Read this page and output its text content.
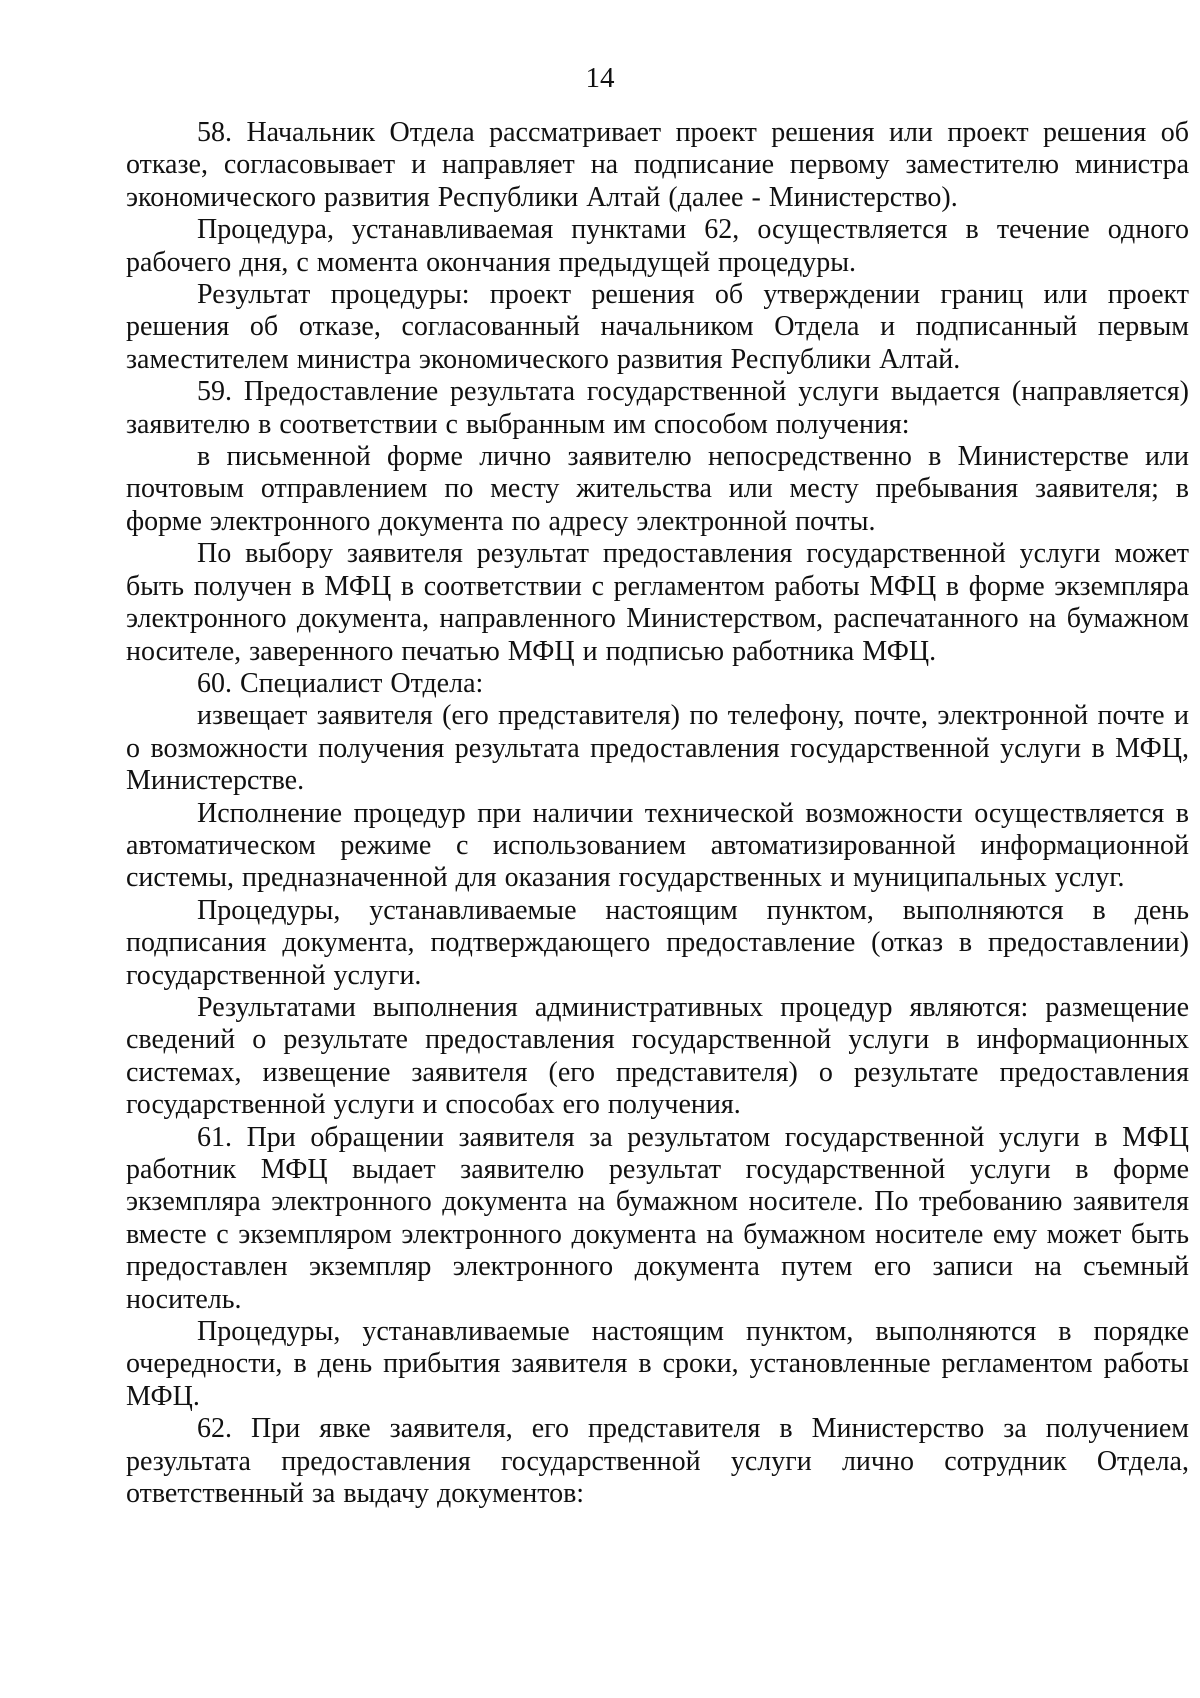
14

58. Начальник Отдела рассматривает проект решения или проект решения об отказе, согласовывает и направляет на подписание первому заместителю министра экономического развития Республики Алтай (далее - Министерство).

Процедура, устанавливаемая пунктами 62, осуществляется в течение одного рабочего дня, с момента окончания предыдущей процедуры.

Результат процедуры: проект решения об утверждении границ или проект решения об отказе, согласованный начальником Отдела и подписанный первым заместителем министра экономического развития Республики Алтай.

59. Предоставление результата государственной услуги выдается (направляется) заявителю в соответствии с выбранным им способом получения:

в письменной форме лично заявителю непосредственно в Министерстве или почтовым отправлением по месту жительства или месту пребывания заявителя; в форме электронного документа по адресу электронной почты.

По выбору заявителя результат предоставления государственной услуги может быть получен в МФЦ в соответствии с регламентом работы МФЦ в форме экземпляра электронного документа, направленного Министерством, распечатанного на бумажном носителе, заверенного печатью МФЦ и подписью работника МФЦ.

60. Специалист Отдела:

извещает заявителя (его представителя) по телефону, почте, электронной почте и о возможности получения результата предоставления государственной услуги в МФЦ, Министерстве.

Исполнение процедур при наличии технической возможности осуществляется в автоматическом режиме с использованием автоматизированной информационной системы, предназначенной для оказания государственных и муниципальных услуг.

Процедуры, устанавливаемые настоящим пунктом, выполняются в день подписания документа, подтверждающего предоставление (отказ в предоставлении) государственной услуги.

Результатами выполнения административных процедур являются: размещение сведений о результате предоставления государственной услуги в информационных системах, извещение заявителя (его представителя) о результате предоставления государственной услуги и способах его получения.

61. При обращении заявителя за результатом государственной услуги в МФЦ работник МФЦ выдает заявителю результат государственной услуги в форме экземпляра электронного документа на бумажном носителе. По требованию заявителя вместе с экземпляром электронного документа на бумажном носителе ему может быть предоставлен экземпляр электронного документа путем его записи на съемный носитель.

Процедуры, устанавливаемые настоящим пунктом, выполняются в порядке очередности, в день прибытия заявителя в сроки, установленные регламентом работы МФЦ.

62. При явке заявителя, его представителя в Министерство за получением результата предоставления государственной услуги лично сотрудник Отдела, ответственный за выдачу документов:
